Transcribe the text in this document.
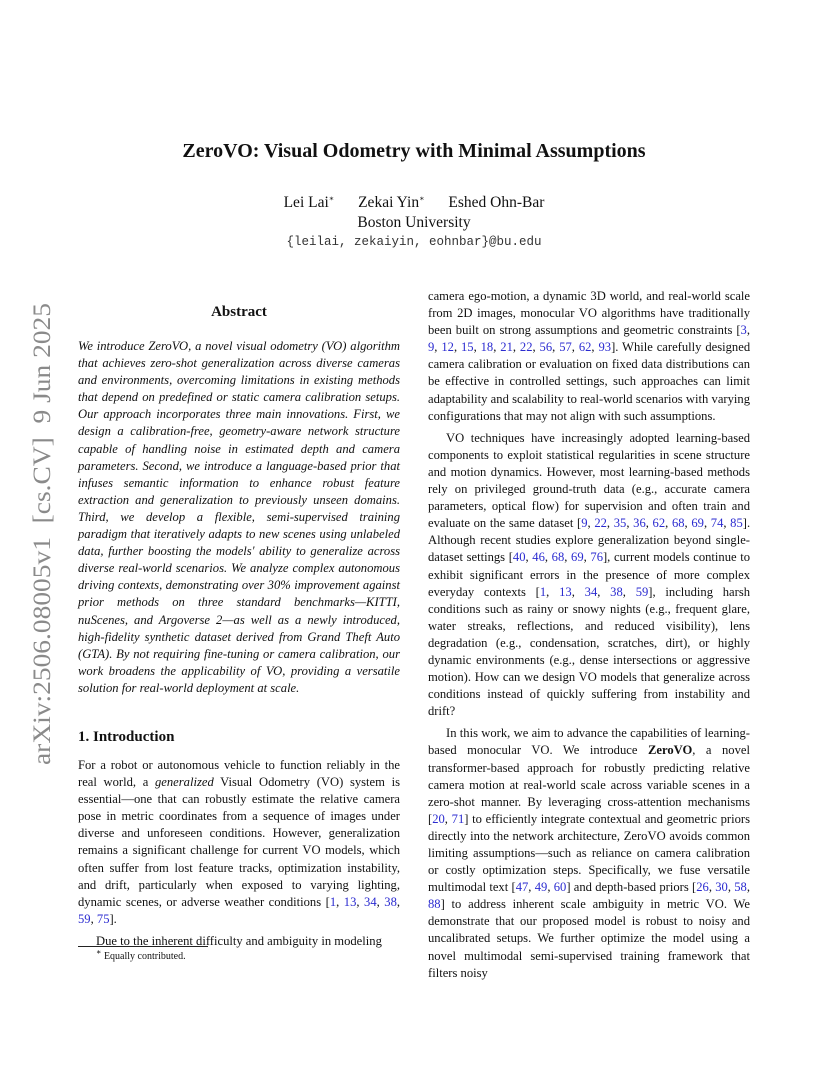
arXiv:2506.08005v1  [cs.CV]  9 Jun 2025
ZeroVO: Visual Odometry with Minimal Assumptions
Lei Lai∗ Zekai Yin∗ Eshed Ohn-Bar
Boston University
{leilai, zekaiyin, eohnbar}@bu.edu
Abstract

We introduce ZeroVO, a novel visual odometry (VO) algorithm that achieves zero-shot generalization across diverse cameras and environments, overcoming limitations in existing methods that depend on predefined or static camera calibration setups. Our approach incorporates three main innovations. First, we design a calibration-free, geometry-aware network structure capable of handling noise in estimated depth and camera parameters. Second, we introduce a language-based prior that infuses semantic information to enhance robust feature extraction and generalization to previously unseen domains. Third, we develop a flexible, semi-supervised training paradigm that iteratively adapts to new scenes using unlabeled data, further boosting the models' ability to generalize across diverse real-world scenarios. We analyze complex autonomous driving contexts, demonstrating over 30% improvement against prior methods on three standard benchmarks—KITTI, nuScenes, and Argoverse 2—as well as a newly introduced, high-fidelity synthetic dataset derived from Grand Theft Auto (GTA). By not requiring fine-tuning or camera calibration, our work broadens the applicability of VO, providing a versatile solution for real-world deployment at scale.

1. Introduction

For a robot or autonomous vehicle to function reliably in the real world, a generalized Visual Odometry (VO) system is essential—one that can robustly estimate the relative camera pose in metric coordinates from a sequence of images under diverse and unforeseen conditions. However, generalization remains a significant challenge for current VO models, which often suffer from lost feature tracks, optimization instability, and drift, particularly when exposed to varying lighting, dynamic scenes, or adverse weather conditions [1, 13, 34, 38, 59, 75].

Due to the inherent difficulty and ambiguity in modeling

camera ego-motion, a dynamic 3D world, and real-world scale from 2D images, monocular VO algorithms have traditionally been built on strong assumptions and geometric constraints [3, 9, 12, 15, 18, 21, 22, 56, 57, 62, 93]. While carefully designed camera calibration or evaluation on fixed data distributions can be effective in controlled settings, such approaches can limit adaptability and scalability to real-world scenarios with varying configurations that may not align with such assumptions.

VO techniques have increasingly adopted learning-based components to exploit statistical regularities in scene structure and motion dynamics. However, most learning-based methods rely on privileged ground-truth data (e.g., accurate camera parameters, optical flow) for supervision and often train and evaluate on the same dataset [9, 22, 35, 36, 62, 68, 69, 74, 85]. Although recent studies explore generalization beyond single-dataset settings [40, 46, 68, 69, 76], current models continue to exhibit significant errors in the presence of more complex everyday contexts [1, 13, 34, 38, 59], including harsh conditions such as rainy or snowy nights (e.g., frequent glare, water streaks, reflections, and reduced visibility), lens degradation (e.g., condensation, scratches, dirt), or highly dynamic environments (e.g., dense intersections or aggressive motion). How can we design VO models that generalize across conditions instead of quickly suffering from instability and drift?

In this work, we aim to advance the capabilities of learning-based monocular VO. We introduce ZeroVO, a novel transformer-based approach for robustly predicting relative camera motion at real-world scale across variable scenes in a zero-shot manner. By leveraging cross-attention mechanisms [20, 71] to efficiently integrate contextual and geometric priors directly into the network architecture, ZeroVO avoids common limiting assumptions—such as reliance on camera calibration or costly optimization steps. Specifically, we fuse versatile multimodal text [47, 49, 60] and depth-based priors [26, 30, 58, 88] to address inherent scale ambiguity in metric VO. We demonstrate that our proposed model is robust to noisy and uncalibrated setups. We further optimize the model using a novel multimodal semi-supervised training framework that filters noisy

∗ Equally contributed.
